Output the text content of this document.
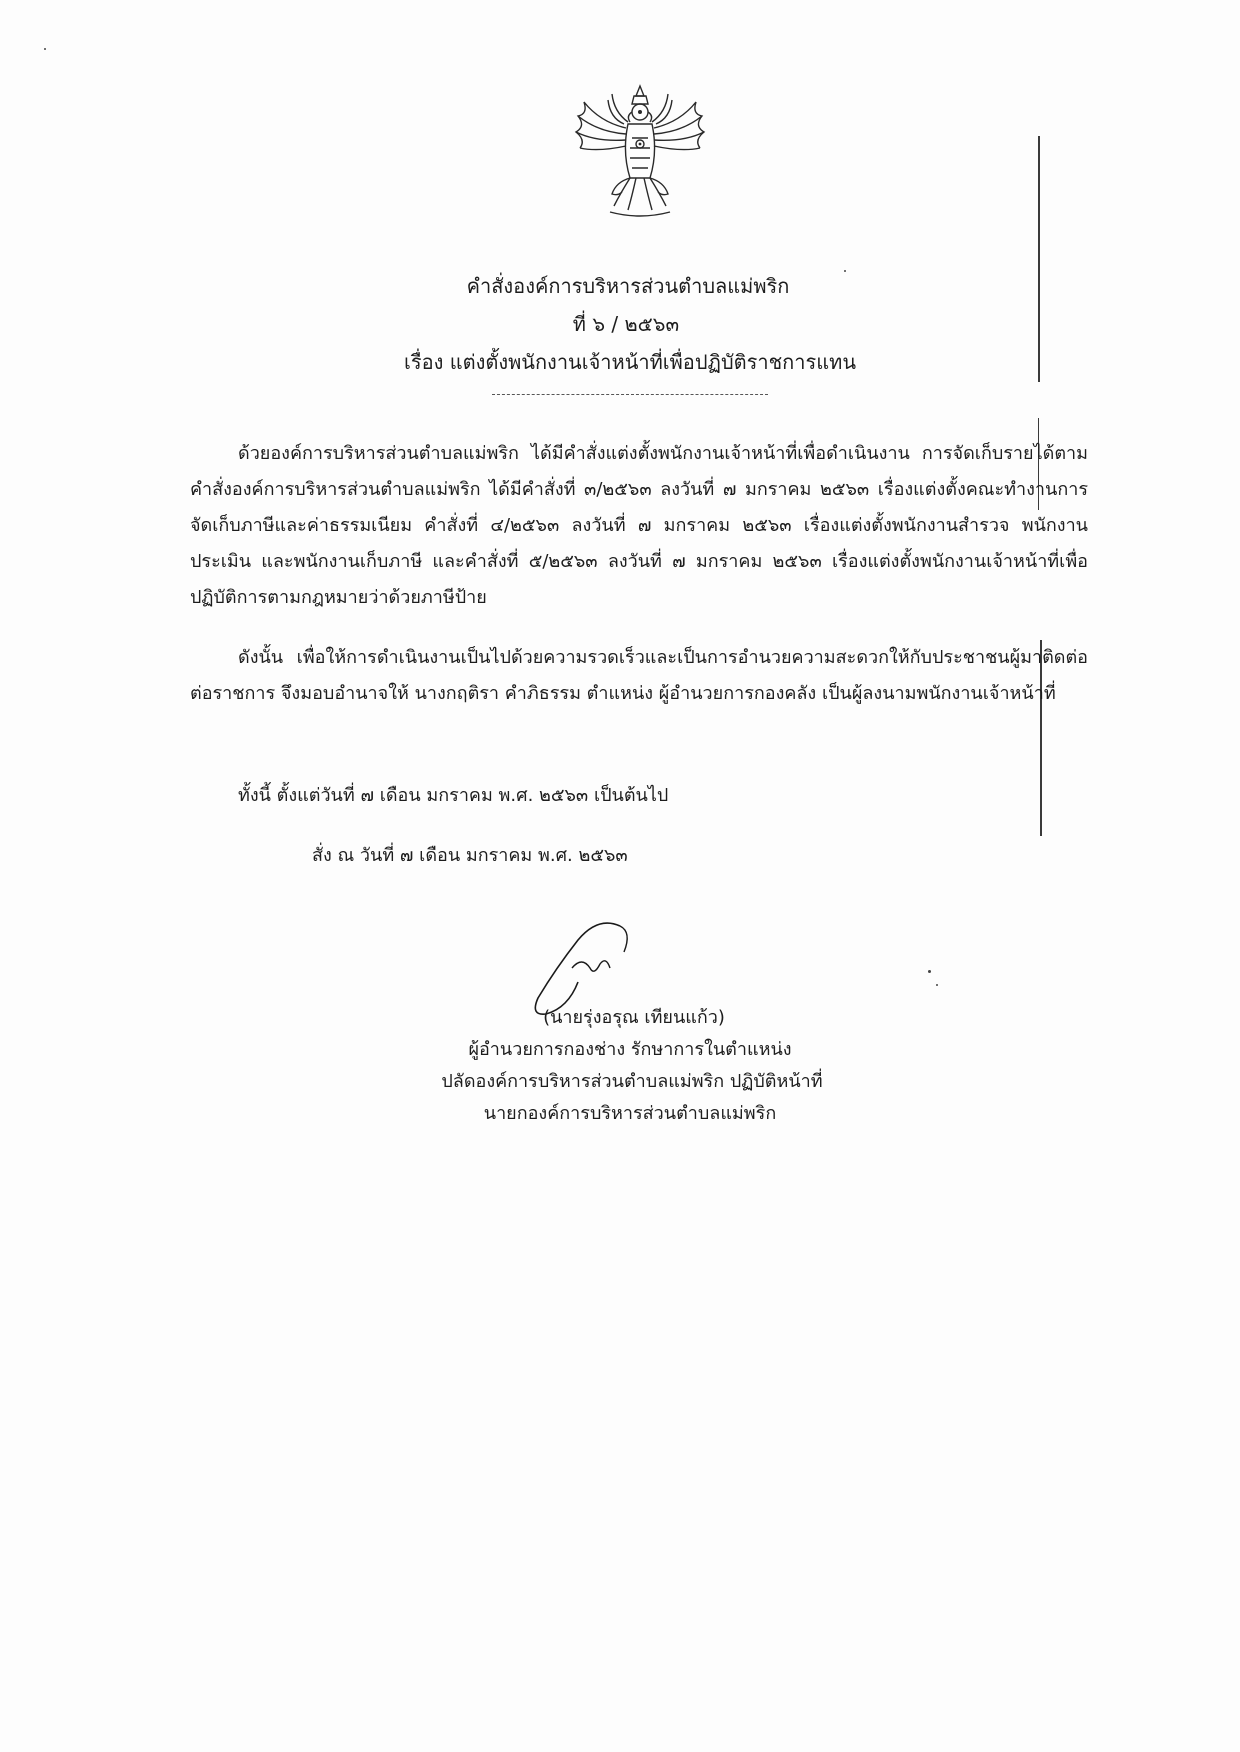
คำสั่งองค์การบริหารส่วนตำบลแม่พริก
ที่ ๖ / ๒๕๖๓
เรื่อง แต่งตั้งพนักงานเจ้าหน้าที่เพื่อปฏิบัติราชการแทน
ด้วยองค์การบริหารส่วนตำบลแม่พริก ได้มีคำสั่งแต่งตั้งพนักงานเจ้าหน้าที่เพื่อดำเนินงาน การจัดเก็บรายได้ตามคำสั่งองค์การบริหารส่วนตำบลแม่พริก ได้มีคำสั่งที่ ๓/๒๕๖๓ ลงวันที่ ๗ มกราคม ๒๕๖๓ เรื่องแต่งตั้งคณะทำงานการจัดเก็บภาษีและค่าธรรมเนียม คำสั่งที่ ๔/๒๕๖๓ ลงวันที่ ๗ มกราคม ๒๕๖๓ เรื่องแต่งตั้งพนักงานสำรวจ พนักงานประเมิน และพนักงานเก็บภาษี และคำสั่งที่ ๕/๒๕๖๓ ลงวันที่ ๗ มกราคม ๒๕๖๓ เรื่องแต่งตั้งพนักงานเจ้าหน้าที่เพื่อปฏิบัติการตามกฎหมายว่าด้วยภาษีป้าย
ดังนั้น เพื่อให้การดำเนินงานเป็นไปด้วยความรวดเร็วและเป็นการอำนวยความสะดวกให้กับประชาชนผู้มาติดต่อต่อราชการ จึงมอบอำนาจให้ นางกฤติรา คำภิธรรม ตำแหน่ง ผู้อำนวยการกองคลัง เป็นผู้ลงนามพนักงานเจ้าหน้าที่
ทั้งนี้ ตั้งแต่วันที่ ๗ เดือน มกราคม พ.ศ. ๒๕๖๓ เป็นต้นไป
สั่ง ณ วันที่ ๗ เดือน มกราคม พ.ศ. ๒๕๖๓
(นายรุ่งอรุณ เทียนแก้ว)
ผู้อำนวยการกองช่าง รักษาการในตำแหน่ง
ปลัดองค์การบริหารส่วนตำบลแม่พริก ปฏิบัติหน้าที่
นายกองค์การบริหารส่วนตำบลแม่พริก
